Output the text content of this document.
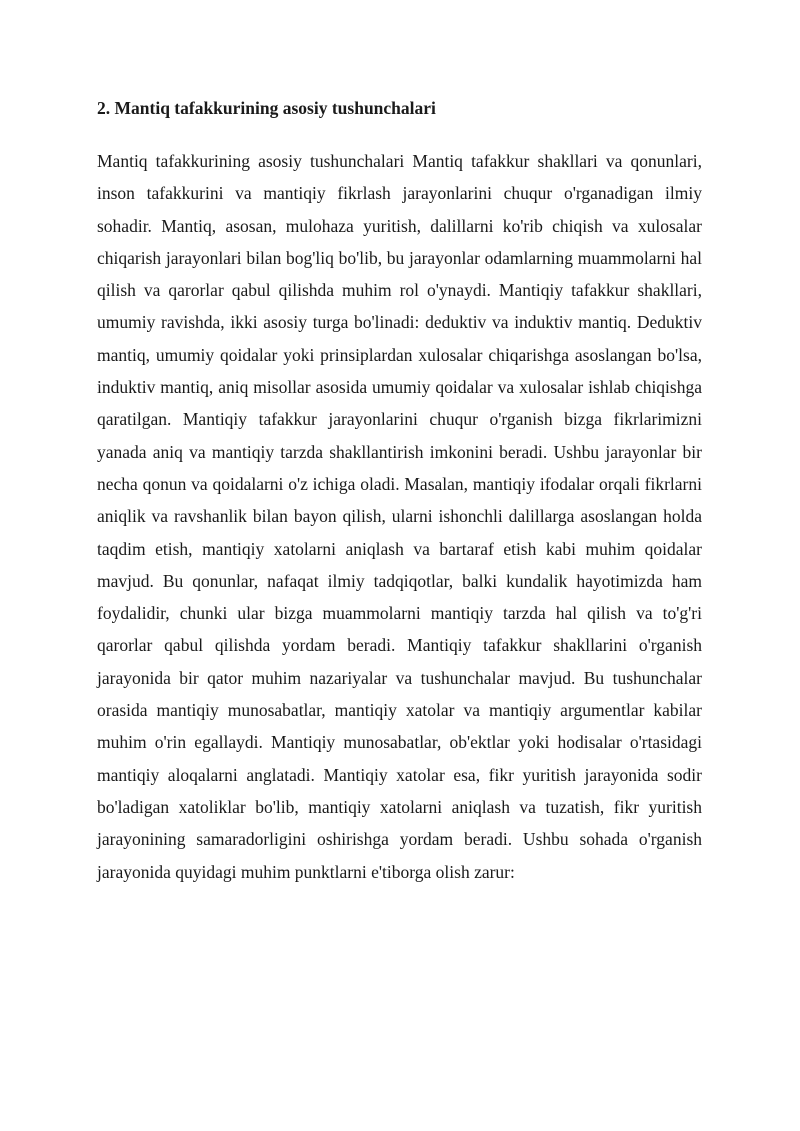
2. Mantiq tafakkurining asosiy tushunchalari

Mantiq tafakkurining asosiy tushunchalari Mantiq tafakkur shakllari va qonunlari, inson tafakkurini va mantiqiy fikrlash jarayonlarini chuqur o'rganadigan ilmiy sohadir. Mantiq, asosan, mulohaza yuritish, dalillarni ko'rib chiqish va xulosalar chiqarish jarayonlari bilan bog'liq bo'lib, bu jarayonlar odamlarning muammolarni hal qilish va qarorlar qabul qilishda muhim rol o'ynaydi. Mantiqiy tafakkur shakllari, umumiy ravishda, ikki asosiy turga bo'linadi: deduktiv va induktiv mantiq. Deduktiv mantiq, umumiy qoidalar yoki prinsiplardan xulosalar chiqarishga asoslangan bo'lsa, induktiv mantiq, aniq misollar asosida umumiy qoidalar va xulosalar ishlab chiqishga qaratilgan. Mantiqiy tafakkur jarayonlarini chuqur o'rganish bizga fikrlarimizni yanada aniq va mantiqiy tarzda shakllantirish imkonini beradi. Ushbu jarayonlar bir necha qonun va qoidalarni o'z ichiga oladi. Masalan, mantiqiy ifodalar orqali fikrlarni aniqlik va ravshanlik bilan bayon qilish, ularni ishonchli dalillarga asoslangan holda taqdim etish, mantiqiy xatolarni aniqlash va bartaraf etish kabi muhim qoidalar mavjud. Bu qonunlar, nafaqat ilmiy tadqiqotlar, balki kundalik hayotimizda ham foydalidir, chunki ular bizga muammolarni mantiqiy tarzda hal qilish va to'g'ri qarorlar qabul qilishda yordam beradi. Mantiqiy tafakkur shakllarini o'rganish jarayonida bir qator muhim nazariyalar va tushunchalar mavjud. Bu tushunchalar orasida mantiqiy munosabatlar, mantiqiy xatolar va mantiqiy argumentlar kabilar muhim o'rin egallaydi. Mantiqiy munosabatlar, ob'ektlar yoki hodisalar o'rtasidagi mantiqiy aloqalarni anglatadi. Mantiqiy xatolar esa, fikr yuritish jarayonida sodir bo'ladigan xatoliklar bo'lib, mantiqiy xatolarni aniqlash va tuzatish, fikr yuritish jarayonining samaradorligini oshirishga yordam beradi. Ushbu sohada o'rganish jarayonida quyidagi muhim punktlarni e'tiborga olish zarur:
